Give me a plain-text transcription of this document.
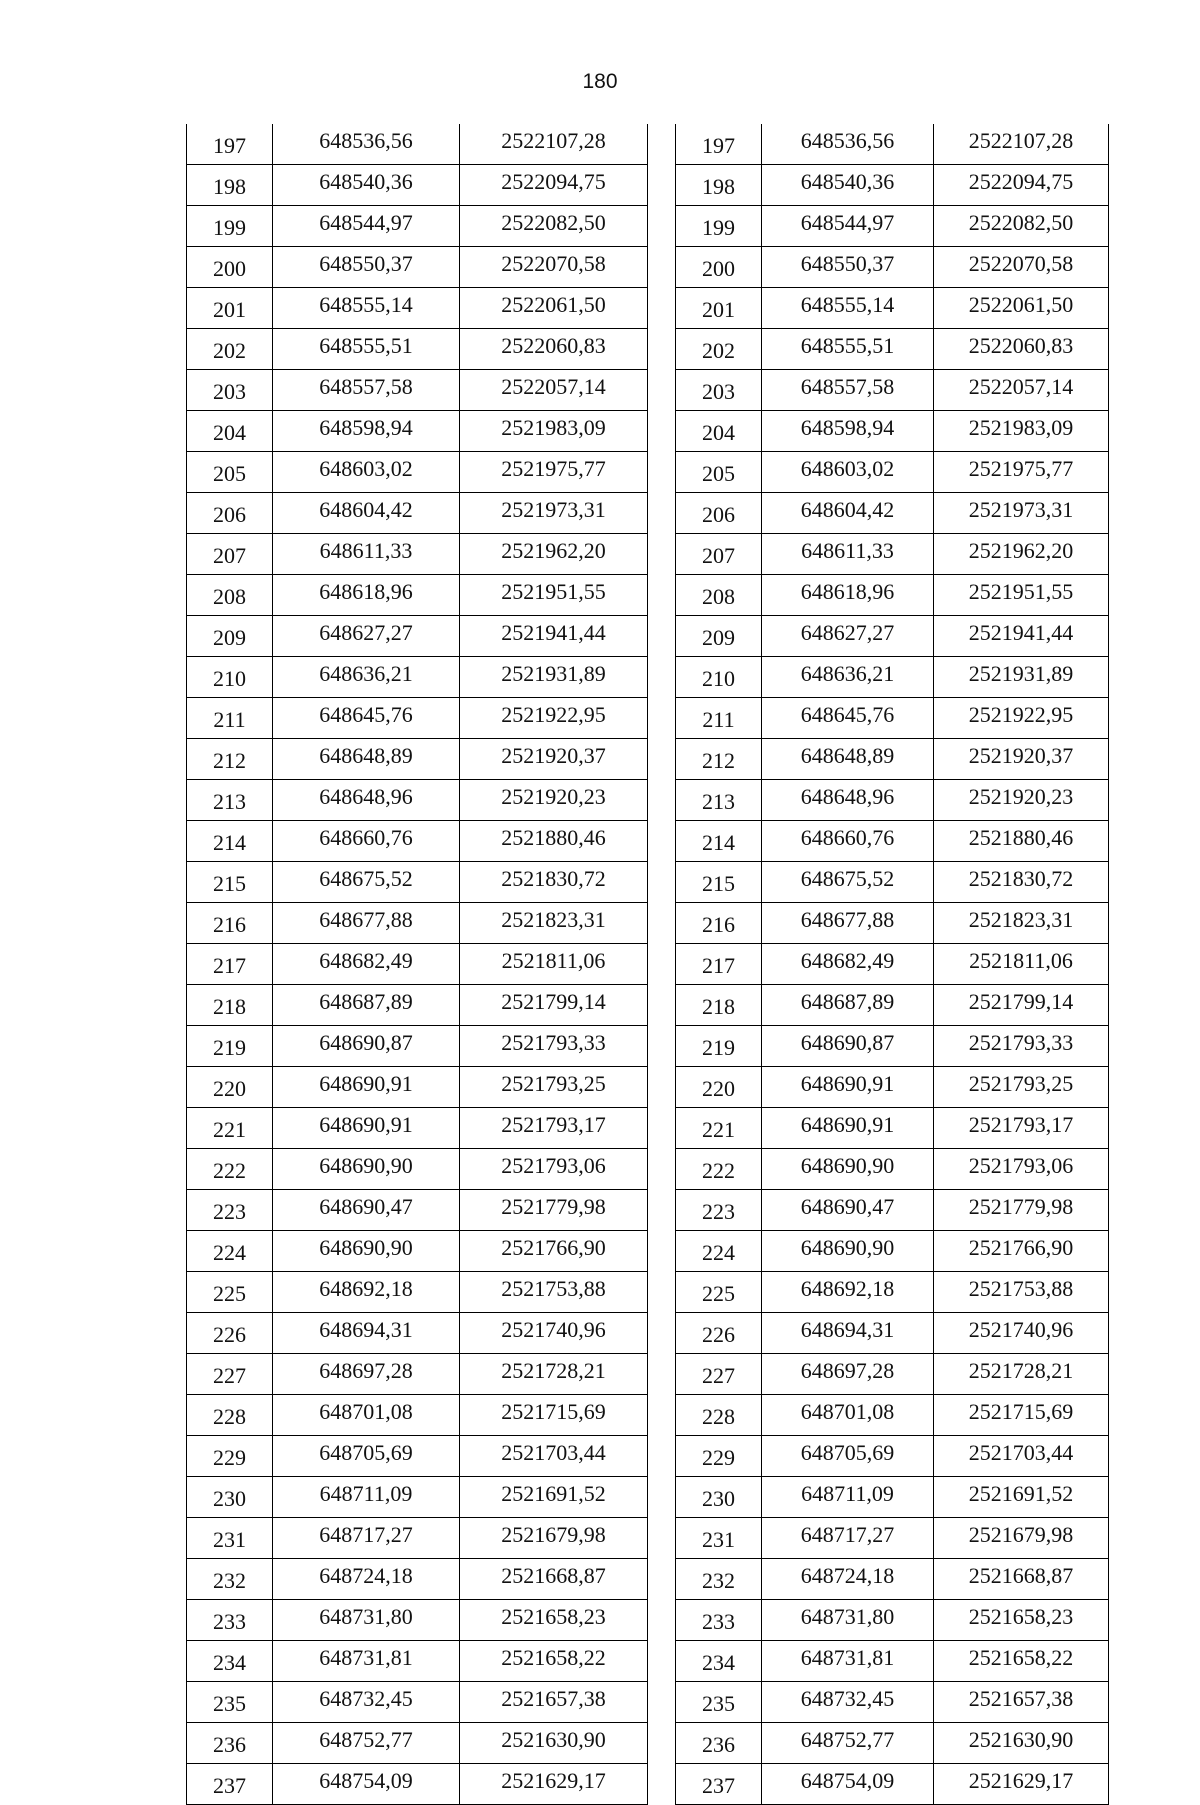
180
197	648536,56	2522107,28
198	648540,36	2522094,75
199	648544,97	2522082,50
200	648550,37	2522070,58
201	648555,14	2522061,50
202	648555,51	2522060,83
203	648557,58	2522057,14
204	648598,94	2521983,09
205	648603,02	2521975,77
206	648604,42	2521973,31
207	648611,33	2521962,20
208	648618,96	2521951,55
209	648627,27	2521941,44
210	648636,21	2521931,89
211	648645,76	2521922,95
212	648648,89	2521920,37
213	648648,96	2521920,23
214	648660,76	2521880,46
215	648675,52	2521830,72
216	648677,88	2521823,31
217	648682,49	2521811,06
218	648687,89	2521799,14
219	648690,87	2521793,33
220	648690,91	2521793,25
221	648690,91	2521793,17
222	648690,90	2521793,06
223	648690,47	2521779,98
224	648690,90	2521766,90
225	648692,18	2521753,88
226	648694,31	2521740,96
227	648697,28	2521728,21
228	648701,08	2521715,69
229	648705,69	2521703,44
230	648711,09	2521691,52
231	648717,27	2521679,98
232	648724,18	2521668,87
233	648731,80	2521658,23
234	648731,81	2521658,22
235	648732,45	2521657,38
236	648752,77	2521630,90
237	648754,09	2521629,17
197	648536,56	2522107,28
198	648540,36	2522094,75
199	648544,97	2522082,50
200	648550,37	2522070,58
201	648555,14	2522061,50
202	648555,51	2522060,83
203	648557,58	2522057,14
204	648598,94	2521983,09
205	648603,02	2521975,77
206	648604,42	2521973,31
207	648611,33	2521962,20
208	648618,96	2521951,55
209	648627,27	2521941,44
210	648636,21	2521931,89
211	648645,76	2521922,95
212	648648,89	2521920,37
213	648648,96	2521920,23
214	648660,76	2521880,46
215	648675,52	2521830,72
216	648677,88	2521823,31
217	648682,49	2521811,06
218	648687,89	2521799,14
219	648690,87	2521793,33
220	648690,91	2521793,25
221	648690,91	2521793,17
222	648690,90	2521793,06
223	648690,47	2521779,98
224	648690,90	2521766,90
225	648692,18	2521753,88
226	648694,31	2521740,96
227	648697,28	2521728,21
228	648701,08	2521715,69
229	648705,69	2521703,44
230	648711,09	2521691,52
231	648717,27	2521679,98
232	648724,18	2521668,87
233	648731,80	2521658,23
234	648731,81	2521658,22
235	648732,45	2521657,38
236	648752,77	2521630,90
237	648754,09	2521629,17
